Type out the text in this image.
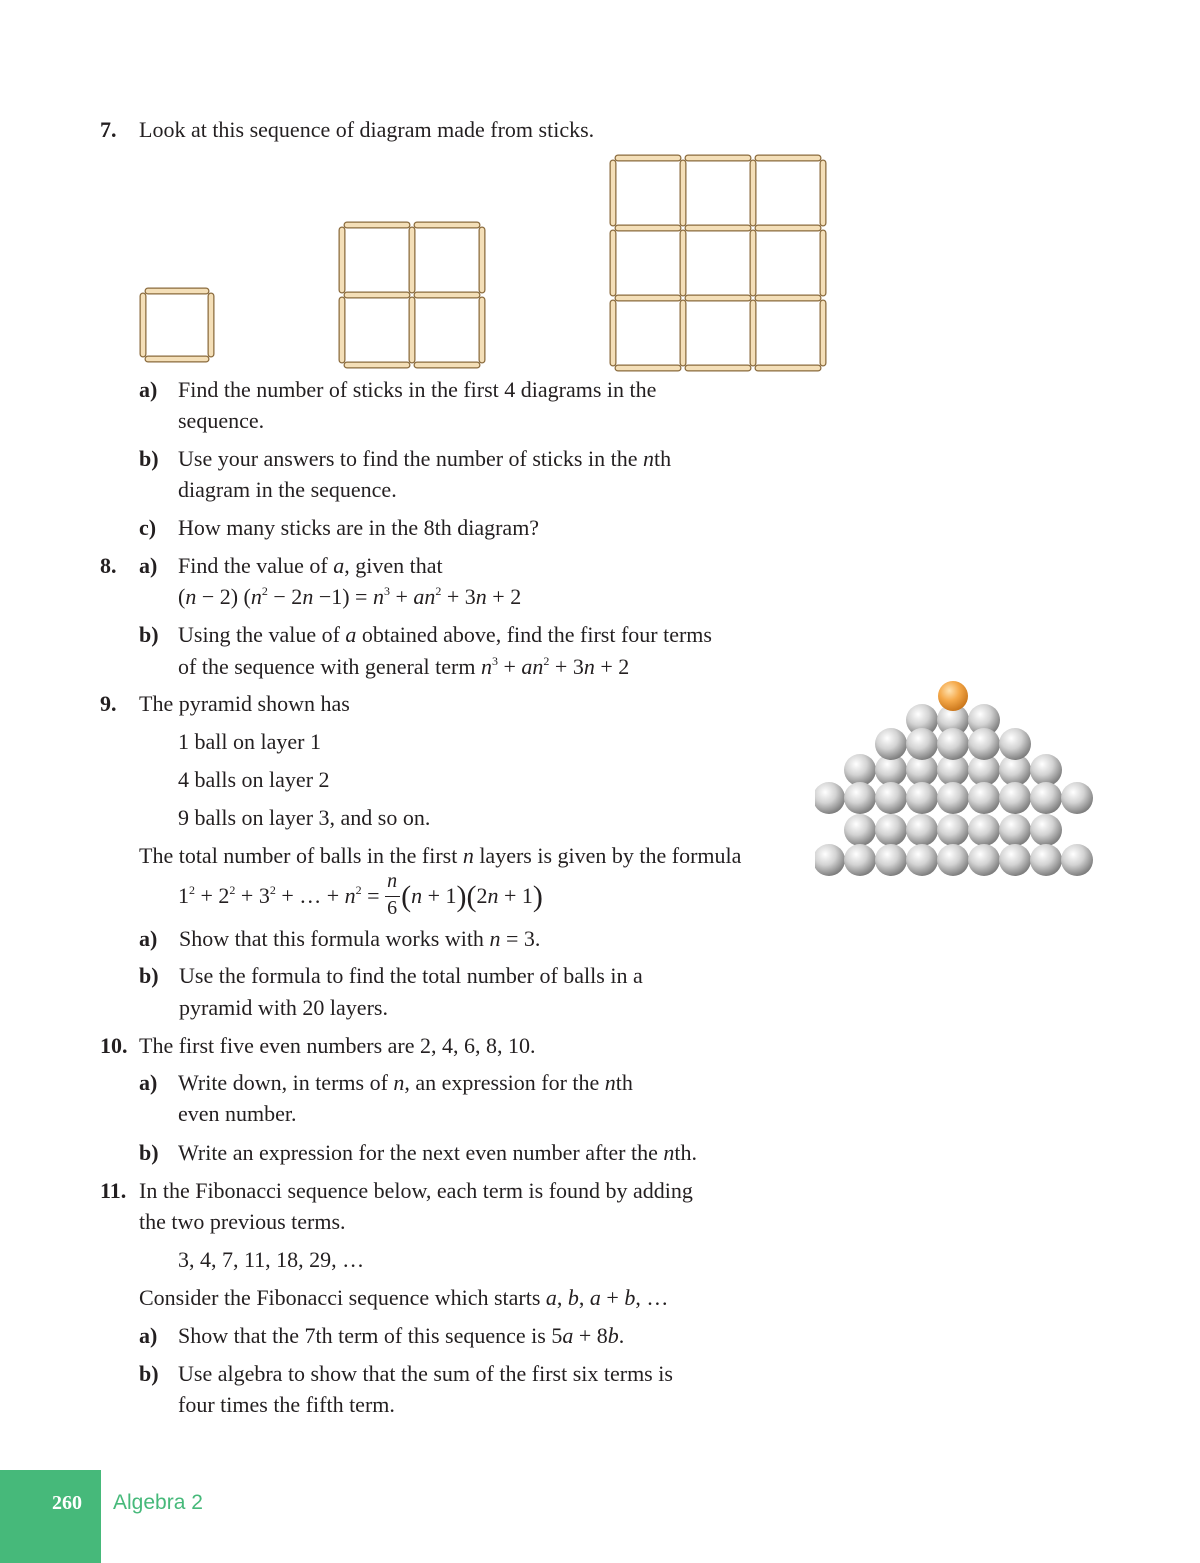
7. Look at this sequence of diagram made from sticks.
a) Find the number of sticks in the first 4 diagrams in the
sequence.
b) Use your answers to find the number of sticks in the nth
diagram in the sequence.
c) How many sticks are in the 8th diagram?
8. a) Find the value of a, given that
(n − 2) $(n^2 - 2n -1) = n^3 + an^2 + 3n + 2$
b) Using the value of a obtained above, find the first four terms
of the sequence with general term $n^3 + an^2 + 3n + 2$
9. The pyramid shown has
1 ball on layer 1
4 balls on layer 2
9 balls on layer 3, and so on.
The total number of balls in the first n layers is given by the formula
$1^2 + 2^2 + 3^2$ + … + $n^2 = \frac{n}{6} (n + 1)(2n + 1)$
a) Show that this formula works with n = 3.
b) Use the formula to find the total number of balls in a
pyramid with 20 layers.
10. The first five even numbers are 2, 4, 6, 8, 10.
a) Write down, in terms of n, an expression for the nth
even number.
b) Write an expression for the next even number after the nth.
11. In the Fibonacci sequence below, each term is found by adding
the two previous terms.
3, 4, 7, 11, 18, 29, …
Consider the Fibonacci sequence which starts a, b, a + b, …
a) Show that the 7th term of this sequence is 5a + 8b.
b) Use algebra to show that the sum of the first six terms is
four times the fifth term.
260 Algebra 2
